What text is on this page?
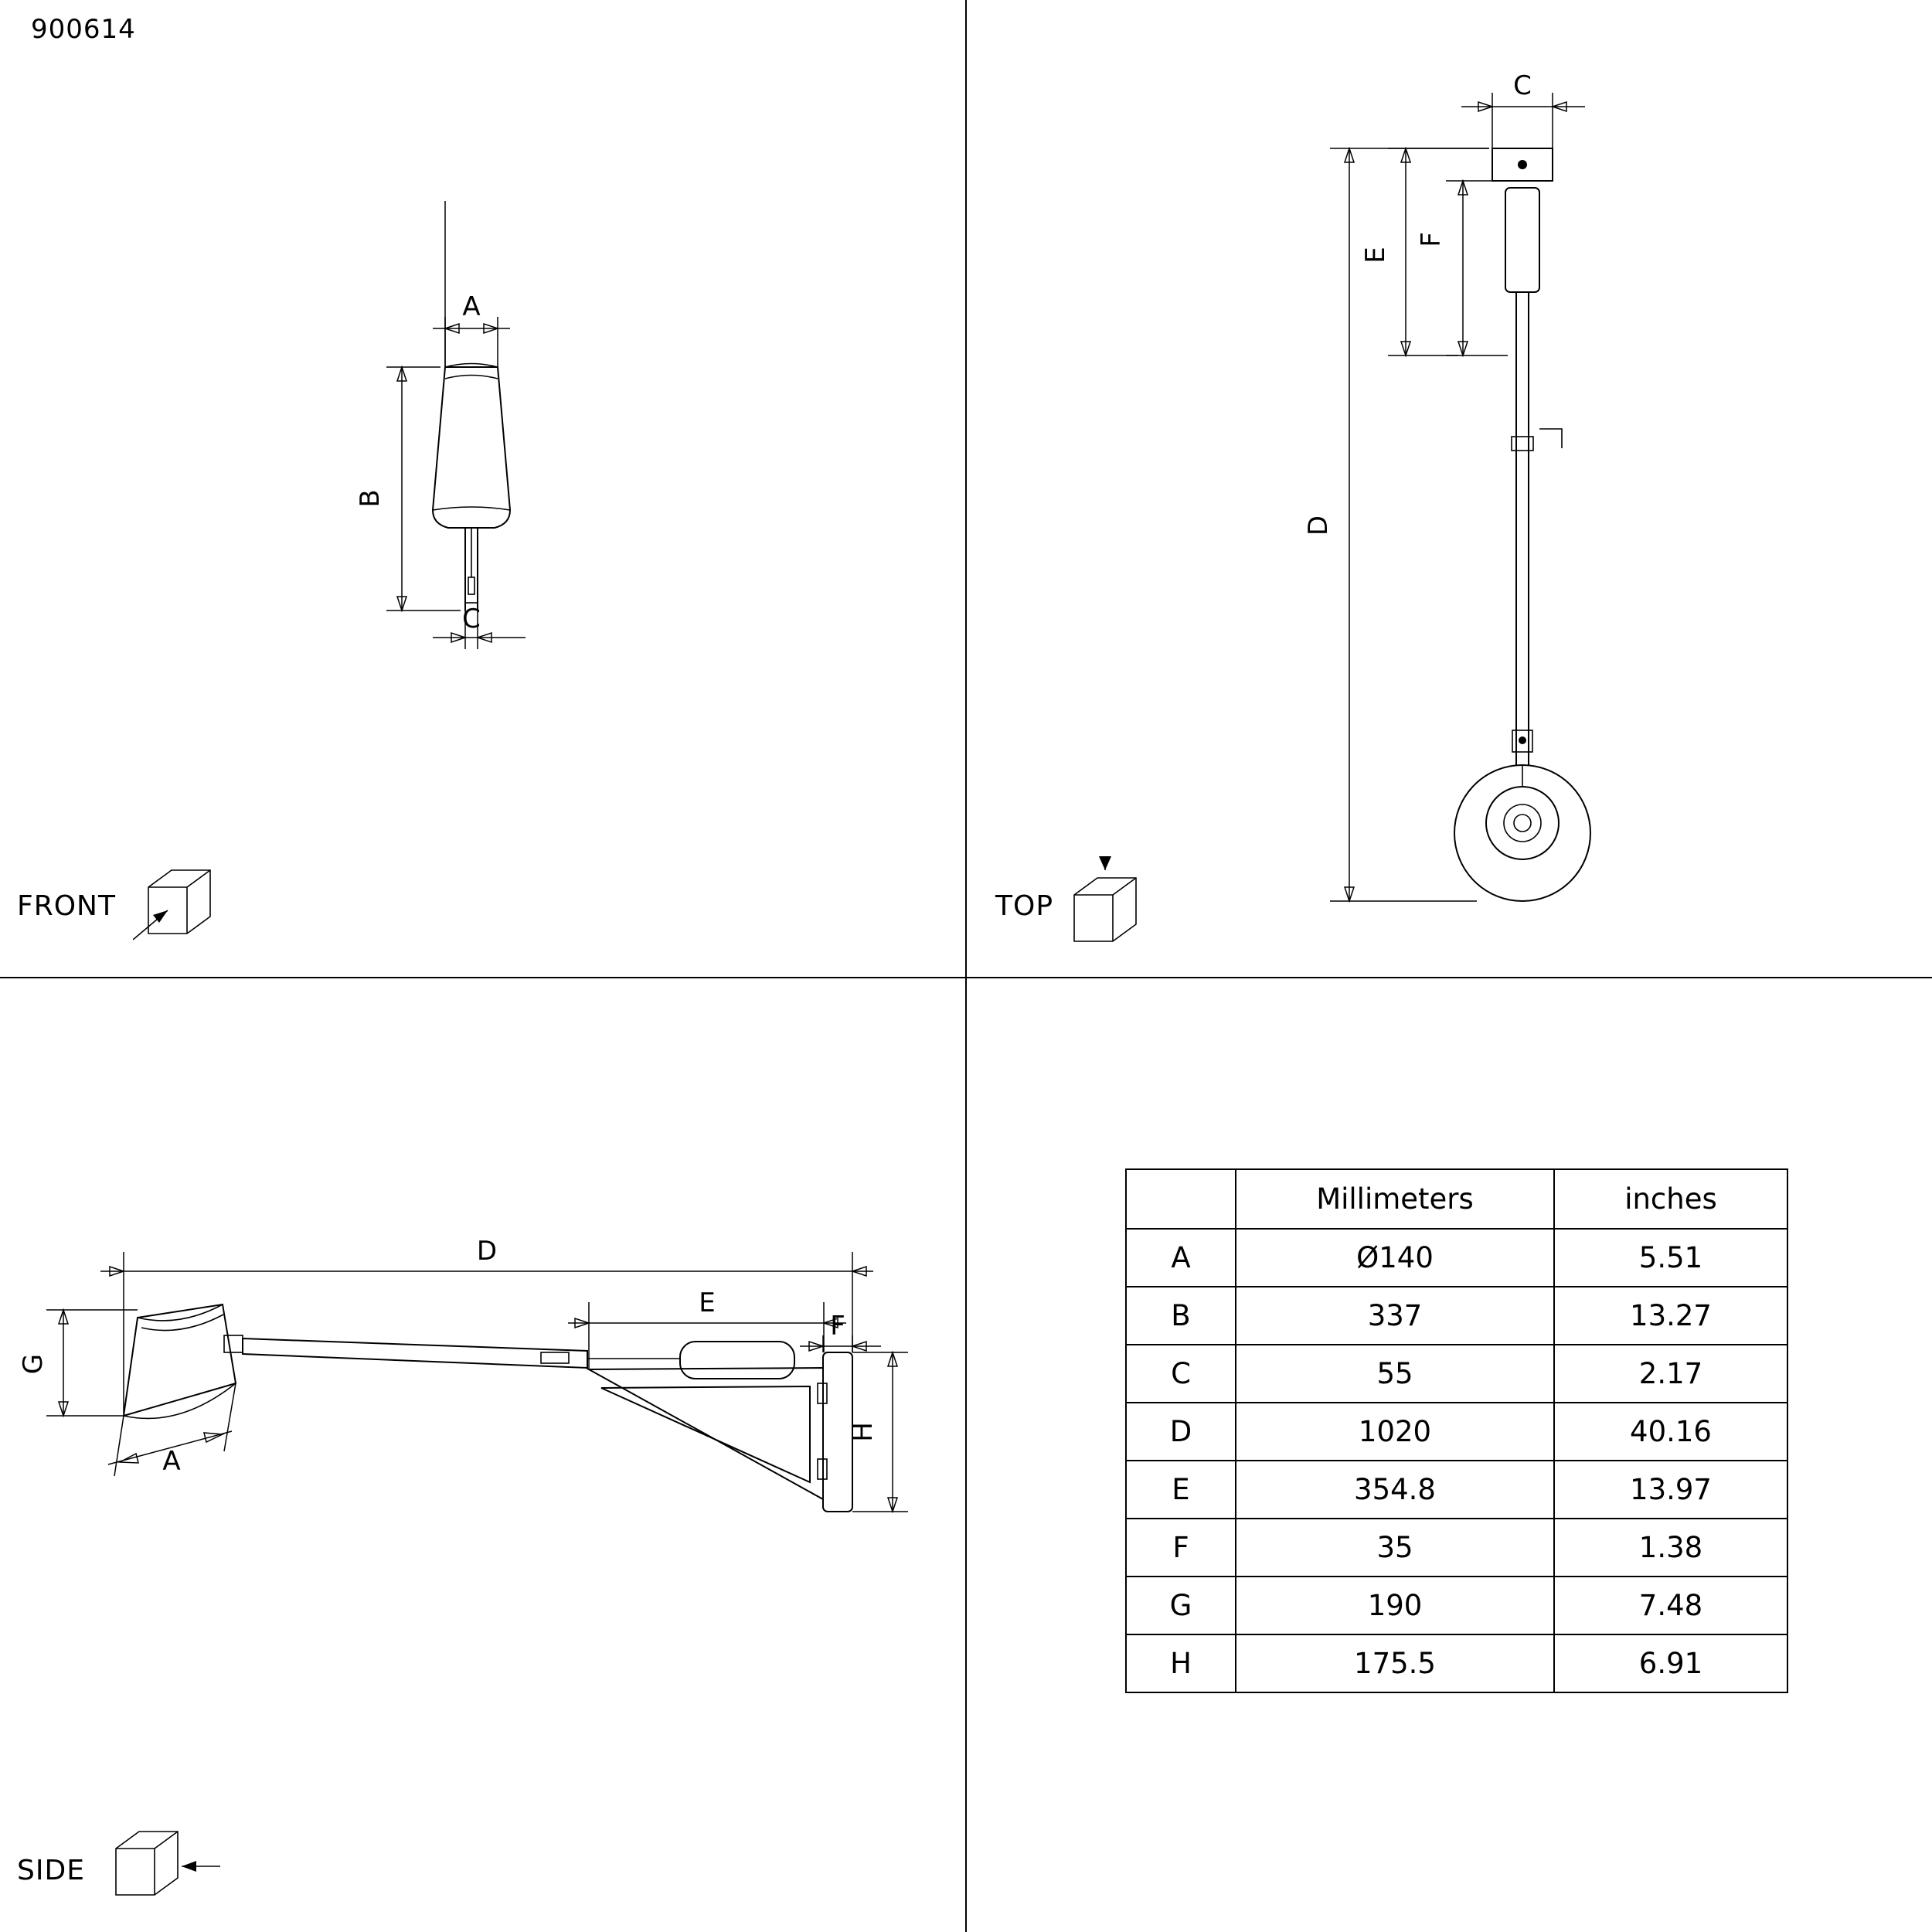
900614
A
B
C
FRONT
C
F
E
D
TOP
D
E
F
G
A
H
SIDE
	Millimeters	inches
A	Ø140	5.51
B	337	13.27
C	55	2.17
D	1020	40.16
E	354.8	13.97
F	35	1.38
G	190	7.48
H	175.5	6.91
